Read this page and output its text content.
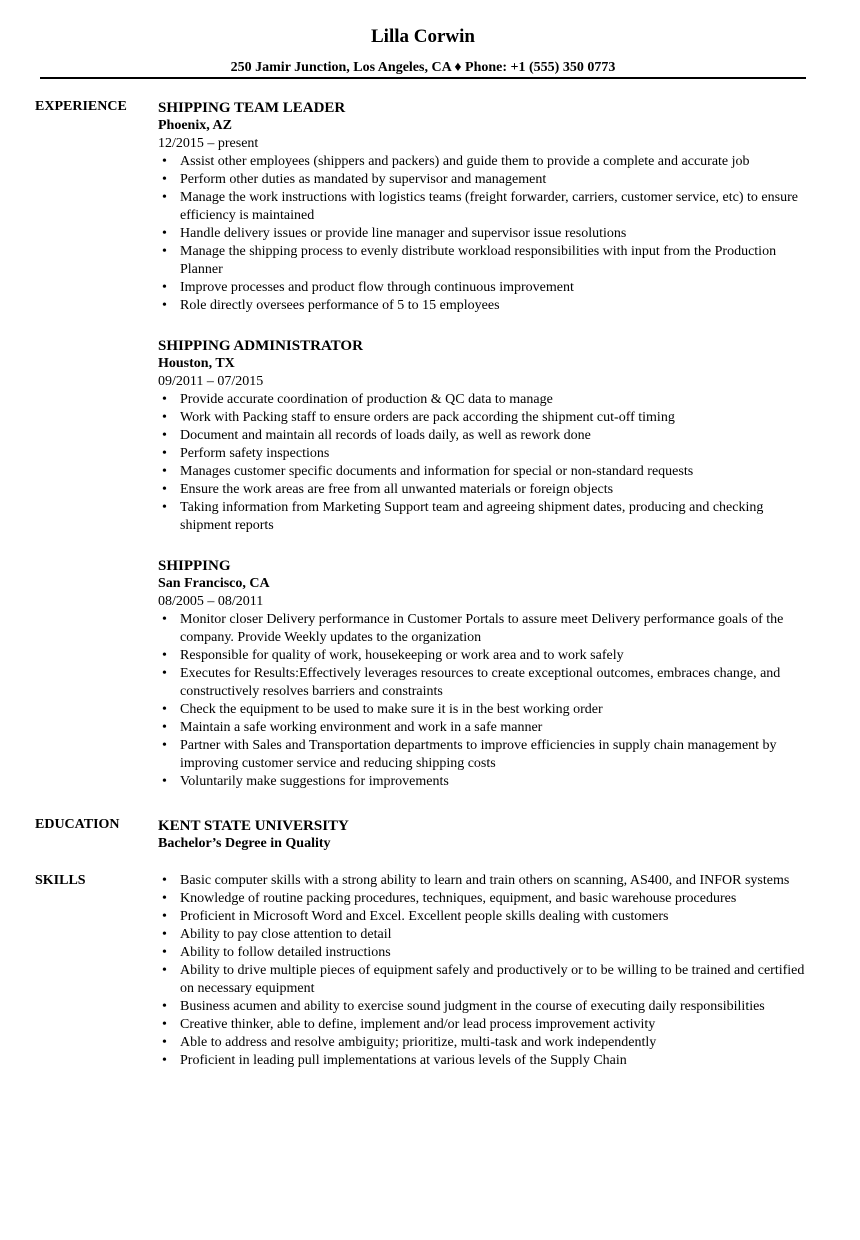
Lilla Corwin
250 Jamir Junction, Los Angeles, CA ♦ Phone: +1 (555) 350 0773
EXPERIENCE SHIPPING TEAM LEADER

Phoenix, AZ

12/2015 – present

• Assist other employees (shippers and packers) and guide them to provide a complete and accurate job
• Perform other duties as mandated by supervisor and management
• Manage the work instructions with logistics teams (freight forwarder, carriers, customer service, etc) to ensure efficiency is maintained
• Handle delivery issues or provide line manager and supervisor issue resolutions
• Manage the shipping process to evenly distribute workload responsibilities with input from the Production Planner
• Improve processes and product flow through continuous improvement
• Role directly oversees performance of 5 to 15 employees

SHIPPING ADMINISTRATOR

Houston, TX

09/2011 – 07/2015

• Provide accurate coordination of production & QC data to manage
• Work with Packing staff to ensure orders are pack according the shipment cut-off timing
• Document and maintain all records of loads daily, as well as rework done
• Perform safety inspections
• Manages customer specific documents and information for special or non-standard requests
• Ensure the work areas are free from all unwanted materials or foreign objects
• Taking information from Marketing Support team and agreeing shipment dates, producing and checking shipment reports

SHIPPING

San Francisco, CA

08/2005 – 08/2011

• Monitor closer Delivery performance in Customer Portals to assure meet Delivery performance goals of the company. Provide Weekly updates to the organization
• Responsible for quality of work, housekeeping or work area and to work safely
• Executes for Results:Effectively leverages resources to create exceptional outcomes, embraces change, and constructively resolves barriers and constraints
• Check the equipment to be used to make sure it is in the best working order
• Maintain a safe working environment and work in a safe manner
• Partner with Sales and Transportation departments to improve efficiencies in supply chain management by improving customer service and reducing shipping costs
• Voluntarily make suggestions for improvements
EDUCATION	KENT STATE UNIVERSITY

Bachelor’s Degree in Quality

SKILLS
•	Basic computer skills with a strong ability to learn and train others on scanning, AS400, and INFOR systems
• Knowledge of routine packing procedures, techniques, equipment, and basic warehouse procedures
• Proficient in Microsoft Word and Excel. Excellent people skills dealing with customers
• Ability to pay close attention to detail
• Ability to follow detailed instructions
• Ability to drive multiple pieces of equipment safely and productively or to be willing to be trained and certified on necessary equipment
• Business acumen and ability to exercise sound judgment in the course of executing daily responsibilities
• Creative thinker, able to define, implement and/or lead process improvement activity
• Able to address and resolve ambiguity; prioritize, multi-task and work independently
• Proficient in leading pull implementations at various levels of the Supply Chain
